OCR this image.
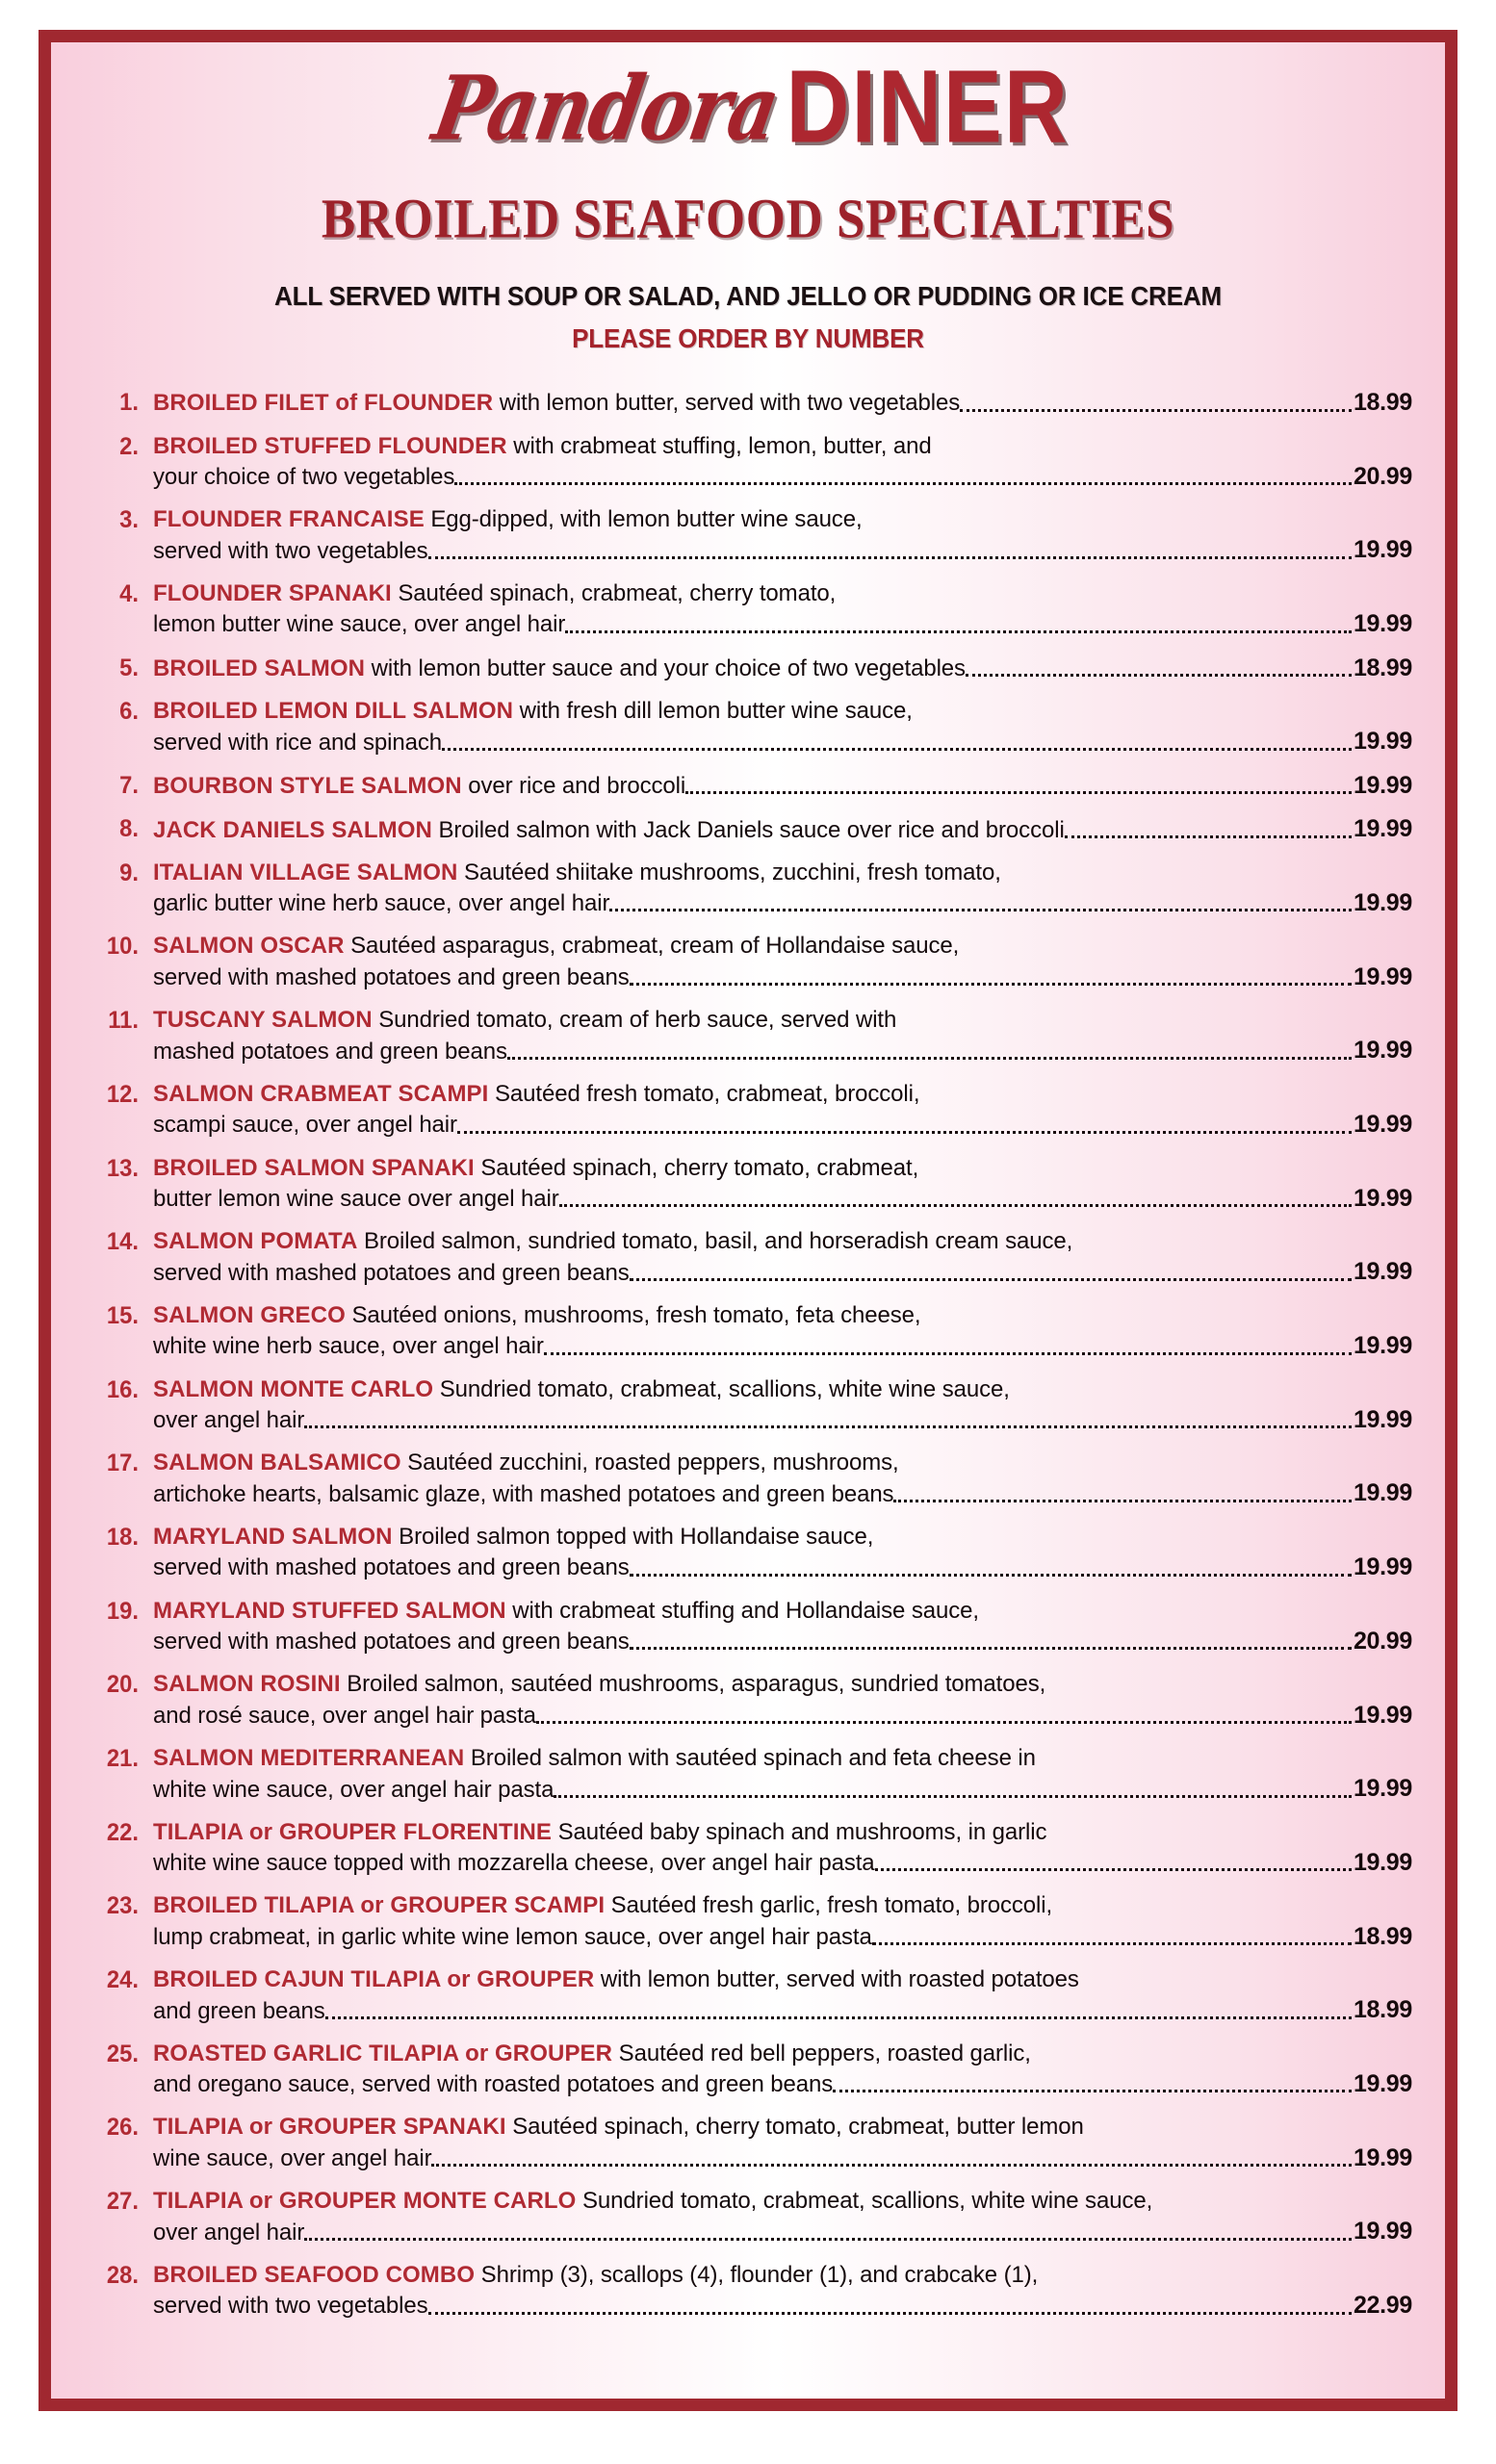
Pandora DINER
BROILED SEAFOOD SPECIALTIES
ALL SERVED WITH SOUP OR SALAD, AND JELLO OR PUDDING OR ICE CREAM
PLEASE ORDER BY NUMBER
1. BROILED FILET of FLOUNDER with lemon butter, served with two vegetables	18.99
2. BROILED STUFFED FLOUNDER with crabmeat stuffing, lemon, butter, and
your choice of two vegetables	20.99
3. FLOUNDER FRANCAISE Egg-dipped, with lemon butter wine sauce,
served with two vegetables	19.99
4. FLOUNDER SPANAKI Sautéed spinach, crabmeat, cherry tomato,
lemon butter wine sauce, over angel hair	19.99
5. BROILED SALMON with lemon butter sauce and your choice of two vegetables	18.99
6. BROILED LEMON DILL SALMON with fresh dill lemon butter wine sauce,
served with rice and spinach	19.99
7. BOURBON STYLE SALMON over rice and broccoli	19.99
8. JACK DANIELS SALMON Broiled salmon with Jack Daniels sauce over rice and broccoli	19.99
9. ITALIAN VILLAGE SALMON Sautéed shiitake mushrooms, zucchini, fresh tomato,
garlic butter wine herb sauce, over angel hair	19.99
10. SALMON OSCAR Sautéed asparagus, crabmeat, cream of Hollandaise sauce,
served with mashed potatoes and green beans	19.99
11. TUSCANY SALMON Sundried tomato, cream of herb sauce, served with
mashed potatoes and green beans	19.99
12. SALMON CRABMEAT SCAMPI Sautéed fresh tomato, crabmeat, broccoli,
scampi sauce, over angel hair	19.99
13. BROILED SALMON SPANAKI Sautéed spinach, cherry tomato, crabmeat,
butter lemon wine sauce over angel hair	19.99
14. SALMON POMATA Broiled salmon, sundried tomato, basil, and horseradish cream sauce,
served with mashed potatoes and green beans	19.99
15. SALMON GRECO Sautéed onions, mushrooms, fresh tomato, feta cheese,
white wine herb sauce, over angel hair	19.99
16. SALMON MONTE CARLO Sundried tomato, crabmeat, scallions, white wine sauce,
over angel hair	19.99
17. SALMON BALSAMICO Sautéed zucchini, roasted peppers, mushrooms,
artichoke hearts, balsamic glaze, with mashed potatoes and green beans	19.99
18. MARYLAND SALMON Broiled salmon topped with Hollandaise sauce,
served with mashed potatoes and green beans	19.99
19. MARYLAND STUFFED SALMON with crabmeat stuffing and Hollandaise sauce,
served with mashed potatoes and green beans	20.99
20. SALMON ROSINI Broiled salmon, sautéed mushrooms, asparagus, sundried tomatoes,
and rosé sauce, over angel hair pasta	19.99
21. SALMON MEDITERRANEAN Broiled salmon with sautéed spinach and feta cheese in
white wine sauce, over angel hair pasta	19.99
22. TILAPIA or GROUPER FLORENTINE Sautéed baby spinach and mushrooms, in garlic
white wine sauce topped with mozzarella cheese, over angel hair pasta	19.99
23. BROILED TILAPIA or GROUPER SCAMPI Sautéed fresh garlic, fresh tomato, broccoli,
lump crabmeat, in garlic white wine lemon sauce, over angel hair pasta	18.99
24. BROILED CAJUN TILAPIA or GROUPER with lemon butter, served with roasted potatoes
and green beans	18.99
25. ROASTED GARLIC TILAPIA or GROUPER Sautéed red bell peppers, roasted garlic,
and oregano sauce, served with roasted potatoes and green beans	19.99
26. TILAPIA or GROUPER SPANAKI Sautéed spinach, cherry tomato, crabmeat, butter lemon
wine sauce, over angel hair	19.99
27. TILAPIA or GROUPER MONTE CARLO Sundried tomato, crabmeat, scallions, white wine sauce,
over angel hair	19.99
28. BROILED SEAFOOD COMBO Shrimp (3), scallops (4), flounder (1), and crabcake (1),
served with two vegetables	22.99
